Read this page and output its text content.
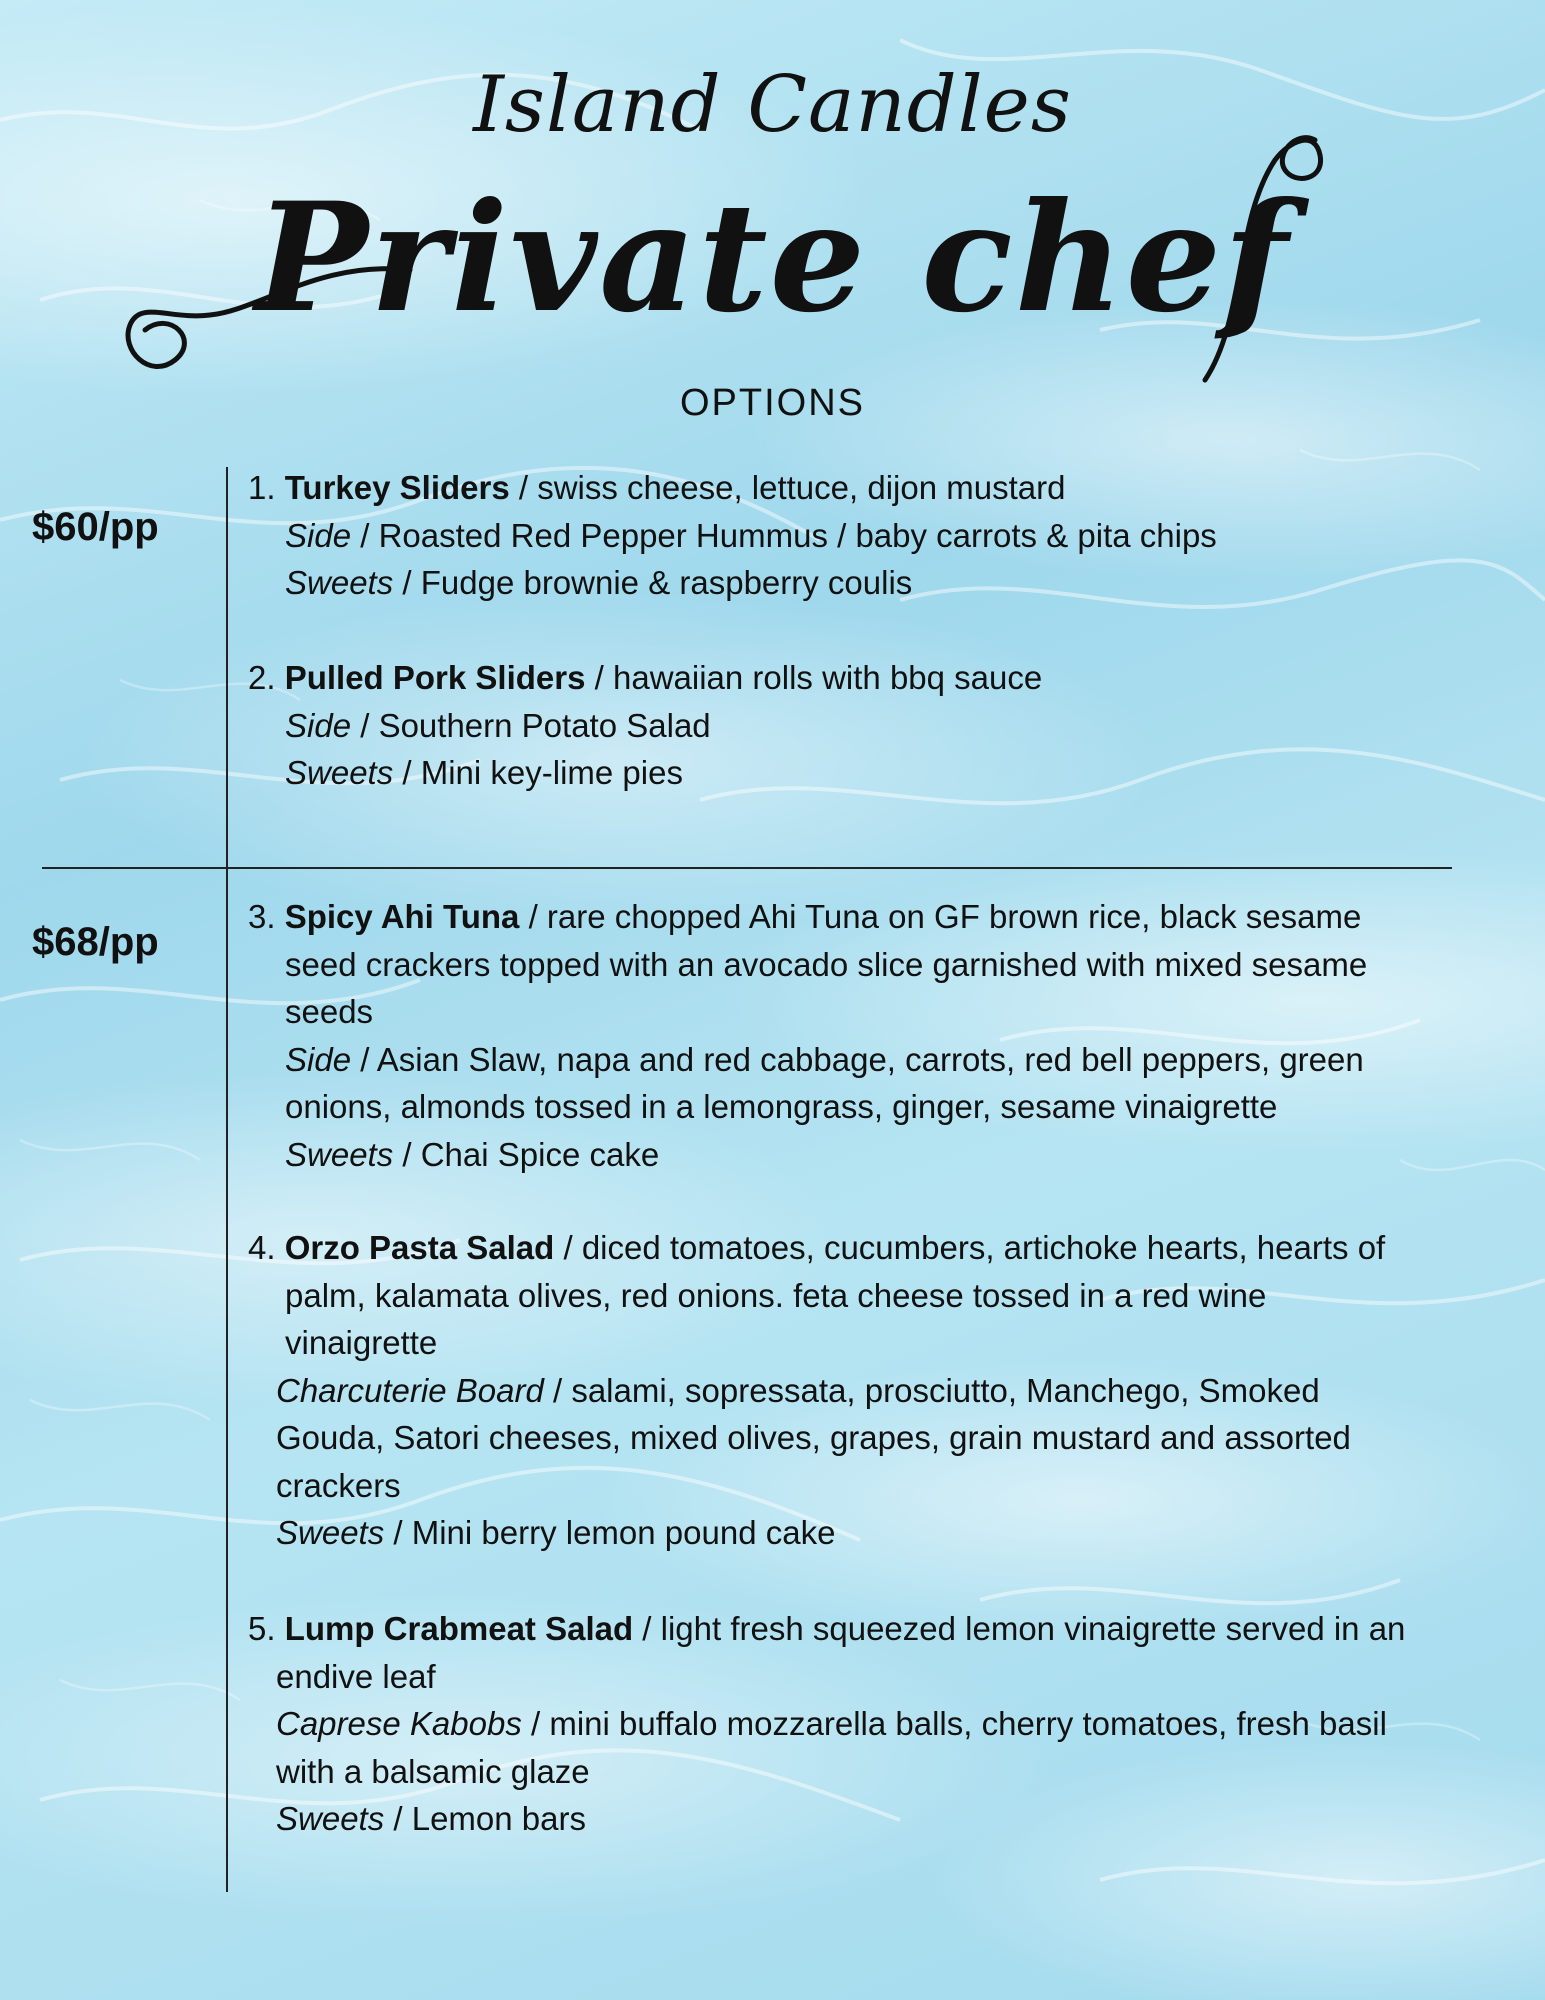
Island Candles
Private chef
OPTIONS
$60/pp
$68/pp
1. Turkey Sliders / swiss cheese, lettuce, dijon mustard
Side / Roasted Red Pepper Hummus / baby carrots & pita chips
Sweets / Fudge brownie & raspberry coulis
2. Pulled Pork Sliders / hawaiian rolls with bbq sauce
Side / Southern Potato Salad
Sweets / Mini key-lime pies
3. Spicy Ahi Tuna / rare chopped Ahi Tuna on GF brown rice, black sesame
seed crackers topped with an avocado slice garnished with mixed sesame
seeds
Side / Asian Slaw, napa and red cabbage, carrots, red bell peppers, green
onions, almonds tossed in a lemongrass, ginger, sesame vinaigrette
Sweets / Chai Spice cake
4. Orzo Pasta Salad / diced tomatoes, cucumbers, artichoke hearts, hearts of
palm, kalamata olives, red onions. feta cheese tossed in a red wine
vinaigrette
Charcuterie Board / salami, sopressata, prosciutto, Manchego, Smoked
Gouda, Satori cheeses, mixed olives, grapes, grain mustard and assorted
crackers
Sweets / Mini berry lemon pound cake
5. Lump Crabmeat Salad / light fresh squeezed lemon vinaigrette served in an
endive leaf
Caprese Kabobs / mini buffalo mozzarella balls, cherry tomatoes, fresh basil
with a balsamic glaze
Sweets / Lemon bars
